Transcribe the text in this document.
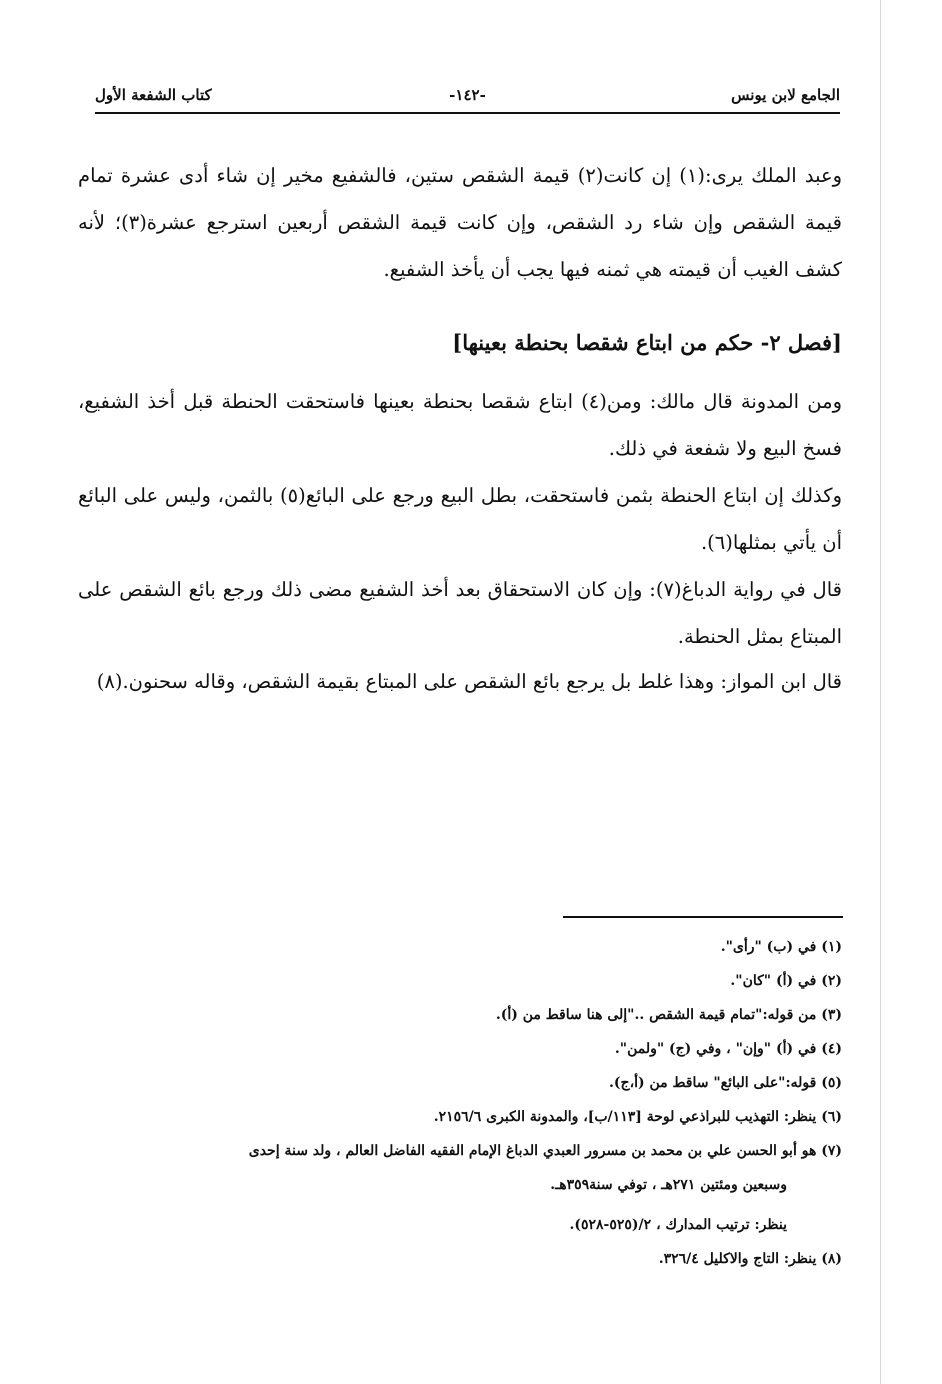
الجامع لابن يونس
-١٤٢-
كتاب الشفعة الأول

وعبد الملك يرى:(١) إن كانت(٢) قيمة الشقص ستين، فالشفيع مخير إن شاء أدى عشرة تمام قيمة الشقص وإن شاء رد الشقص، وإن كانت قيمة الشقص أربعين استرجع عشرة(٣)؛ لأنه كشف الغيب أن قيمته هي ثمنه فيها يجب أن يأخذ الشفيع.

[فصل ٢- حكم من ابتاع شقصا بحنطة بعينها]

ومن المدونة قال مالك: ومن(٤) ابتاع شقصا بحنطة بعينها فاستحقت الحنطة قبل أخذ الشفيع، فسخ البيع ولا شفعة في ذلك.

وكذلك إن ابتاع الحنطة بثمن فاستحقت، بطل البيع ورجع على البائع(٥) بالثمن، وليس على البائع أن يأتي بمثلها(٦).

قال في رواية الدباغ(٧): وإن كان الاستحقاق بعد أخذ الشفيع مضى ذلك ورجع بائع الشقص على المبتاع بمثل الحنطة.

قال ابن المواز: وهذا غلط بل يرجع بائع الشقص على المبتاع بقيمة الشقص، وقاله سحنون.(٨)

(١) في (ب) "رأى".

(٢) في (أ) "كان".

(٣) من قوله:"تمام قيمة الشقص .."إلى هنا ساقط من (أ).

(٤) في (أ) "وإن" ، وفي (ج) "ولمن".

(٥) قوله:"على البائع" ساقط من (أ،ج).

(٦) ينظر: التهذيب للبراذعي لوحة [١١٣/ب]، والمدونة الكبرى ٢١٥٦/٦.

(٧) هو أبو الحسن علي بن محمد بن مسرور العبدي الدباغ الإمام الفقيه الفاضل العالم ، ولد سنة إحدى

وسبعين ومئتين ٢٧١هـ ، توفي سنة٣٥٩هـ.

ينظر: ترتيب المدارك ، ٢/(٥٢٥-٥٢٨).

(٨) ينظر: التاج والاكليل ٣٢٦/٤.
